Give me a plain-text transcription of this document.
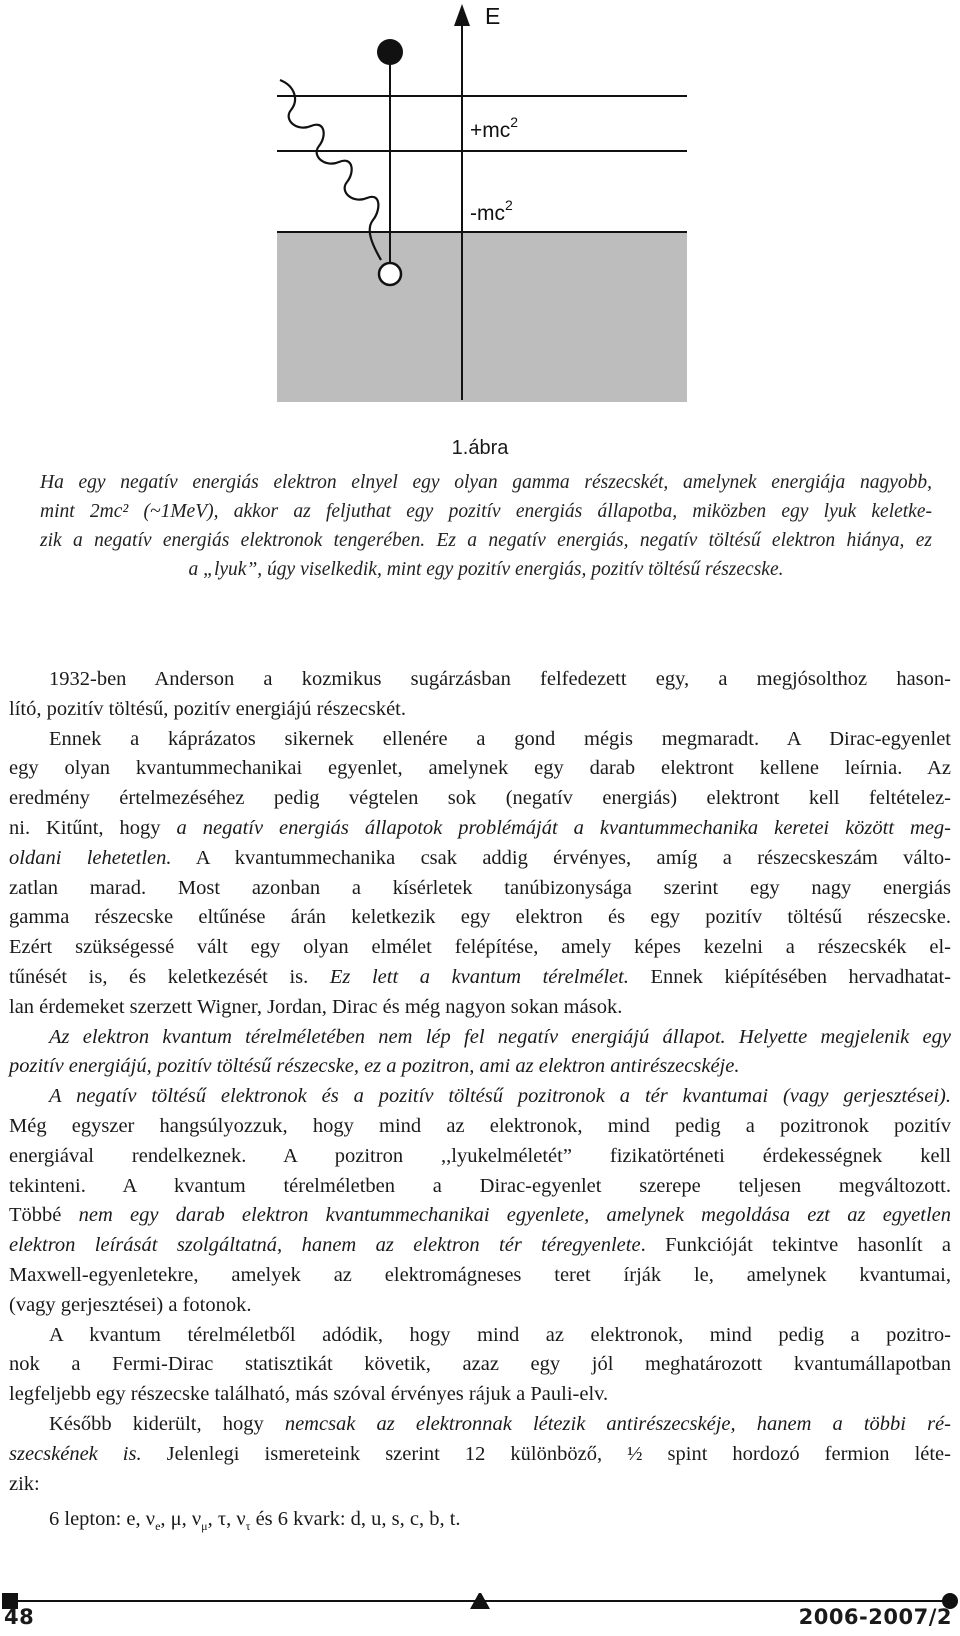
E
$+mc^2$
$-mc^2$
1.ábra
Ha egy negatív energiás elektron elnyel egy olyan gamma részecskét, amelynek energiája nagyobb,
mint 2mc² (~1MeV), akkor az feljuthat egy pozitív energiás állapotba, miközben egy lyuk keletke-
zik a negatív energiás elektronok tengerében. Ez a negatív energiás, negatív töltésű elektron hiánya, ez
a „lyuk”, úgy viselkedik, mint egy pozitív energiás, pozitív töltésű részecske.

1932-ben Anderson a kozmikus sugárzásban felfedezett egy, a megjósolthoz hason-
lító, pozitív töltésű, pozitív energiájú részecskét.

Ennek a káprázatos sikernek ellenére a gond mégis megmaradt. A Dirac-egyenlet
egy olyan kvantummechanikai egyenlet, amelynek egy darab elektront kellene leírnia. Az
eredmény értelmezéséhez pedig végtelen sok (negatív energiás) elektront kell feltételez-
ni. Kitűnt, hogy a negatív energiás állapotok problémáját a kvantummechanika keretei között meg-
oldani lehetetlen. A kvantummechanika csak addig érvényes, amíg a részecskeszám válto-
zatlan marad. Most azonban a kísérletek tanúbizonysága szerint egy nagy energiás
gamma részecske eltűnése árán keletkezik egy elektron és egy pozitív töltésű részecske.
Ezért szükségessé vált egy olyan elmélet felépítése, amely képes kezelni a részecskék el-
tűnését is, és keletkezését is. Ez lett a kvantum térelmélet. Ennek kiépítésében hervadhatat-
lan érdemeket szerzett Wigner, Jordan, Dirac és még nagyon sokan mások.

Az elektron kvantum térelméletében nem lép fel negatív energiájú állapot. Helyette megjelenik egy
pozitív energiájú, pozitív töltésű részecske, ez a pozitron, ami az elektron antirészecskéje.

A negatív töltésű elektronok és a pozitív töltésű pozitronok a tér kvantumai (vagy gerjesztései).
Még egyszer hangsúlyozzuk, hogy mind az elektronok, mind pedig a pozitronok pozitív
energiával rendelkeznek. A pozitron ,,lyukelméletét” fizikatörténeti érdekességnek kell
tekinteni. A kvantum térelméletben a Dirac-egyenlet szerepe teljesen megváltozott.
Többé nem egy darab elektron kvantummechanikai egyenlete, amelynek megoldása ezt az egyetlen
elektron leírását szolgáltatná, hanem az elektron tér téregyenlete. Funkcióját tekintve hasonlít a
Maxwell-egyenletekre, amelyek az elektromágneses teret írják le, amelynek kvantumai,
(vagy gerjesztései) a fotonok.

A kvantum térelméletből adódik, hogy mind az elektronok, mind pedig a pozitro-
nok a Fermi-Dirac statisztikát követik, azaz egy jól meghatározott kvantumállapotban
legfeljebb egy részecske található, más szóval érvényes rájuk a Pauli-elv.

Később kiderült, hogy nemcsak az elektronnak létezik antirészecskéje, hanem a többi ré-
szecskének is. Jelenlegi ismereteink szerint 12 különböző, ½ spint hordozó fermion léte-
zik:

6 lepton: e, $\nu_e$, μ, $\nu_\mu$, τ, $\nu_\tau$ és 6 kvark: d, u, s, c, b, t.

48	2006-2007/2
